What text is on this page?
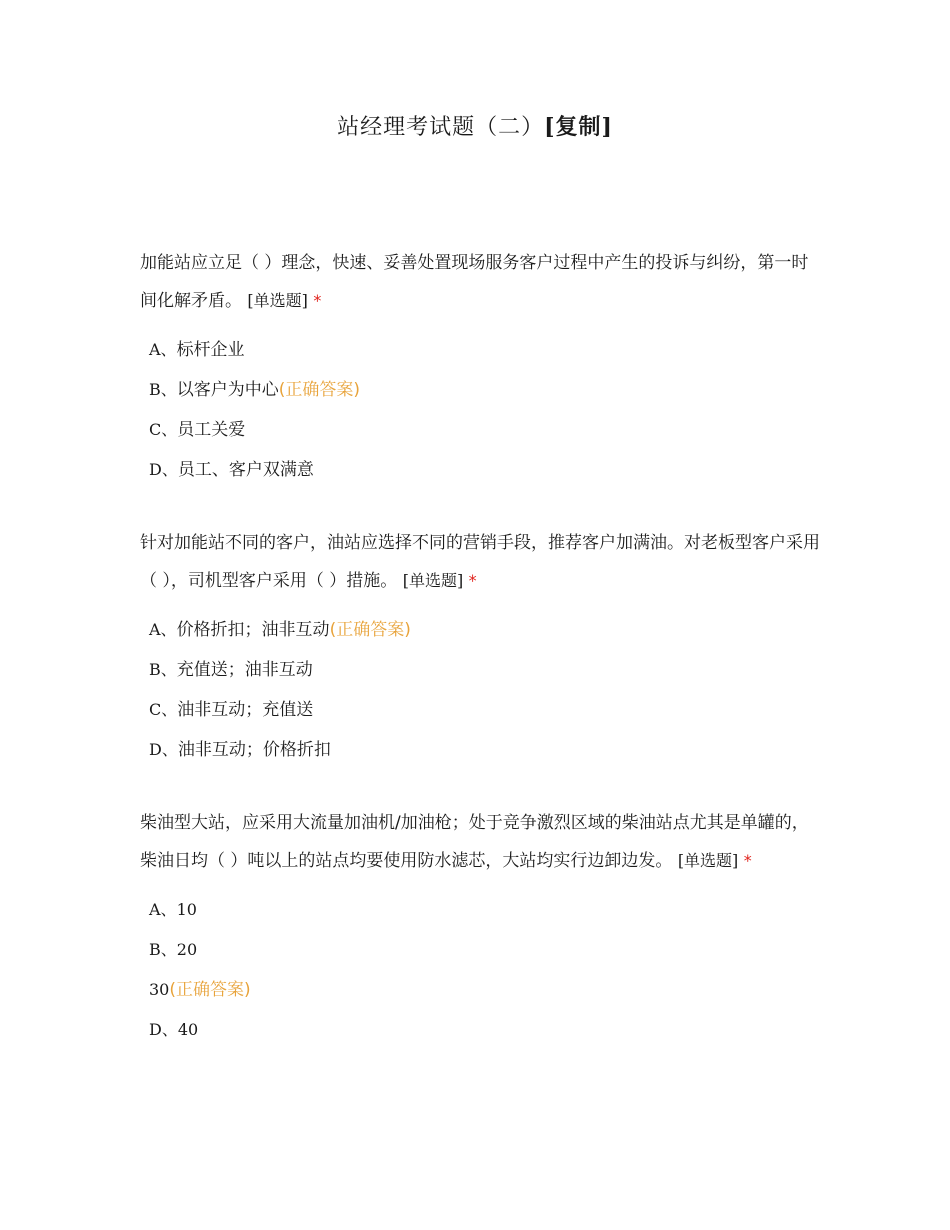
站经理考试题（二）[复制]

加能站应立足（ ）理念，快速、妥善处置现场服务客户过程中产生的投诉与纠纷，第一时间化解矛盾。 [单选题] *

A、标杆企业
B、以客户为中心(正确答案)
C、员工关爱
D、员工、客户双满意

针对加能站不同的客户，油站应选择不同的营销手段，推荐客户加满油。对老板型客户采用（ ），司机型客户采用（ ）措施。 [单选题] *

A、价格折扣；油非互动(正确答案)
B、充值送；油非互动
C、油非互动；充值送
D、油非互动；价格折扣

柴油型大站，应采用大流量加油机/加油枪；处于竞争激烈区域的柴油站点尤其是单罐的，柴油日均（ ）吨以上的站点均要使用防水滤芯，大站均实行边卸边发。 [单选题] *

A、10
B、20
30(正确答案)
D、40
